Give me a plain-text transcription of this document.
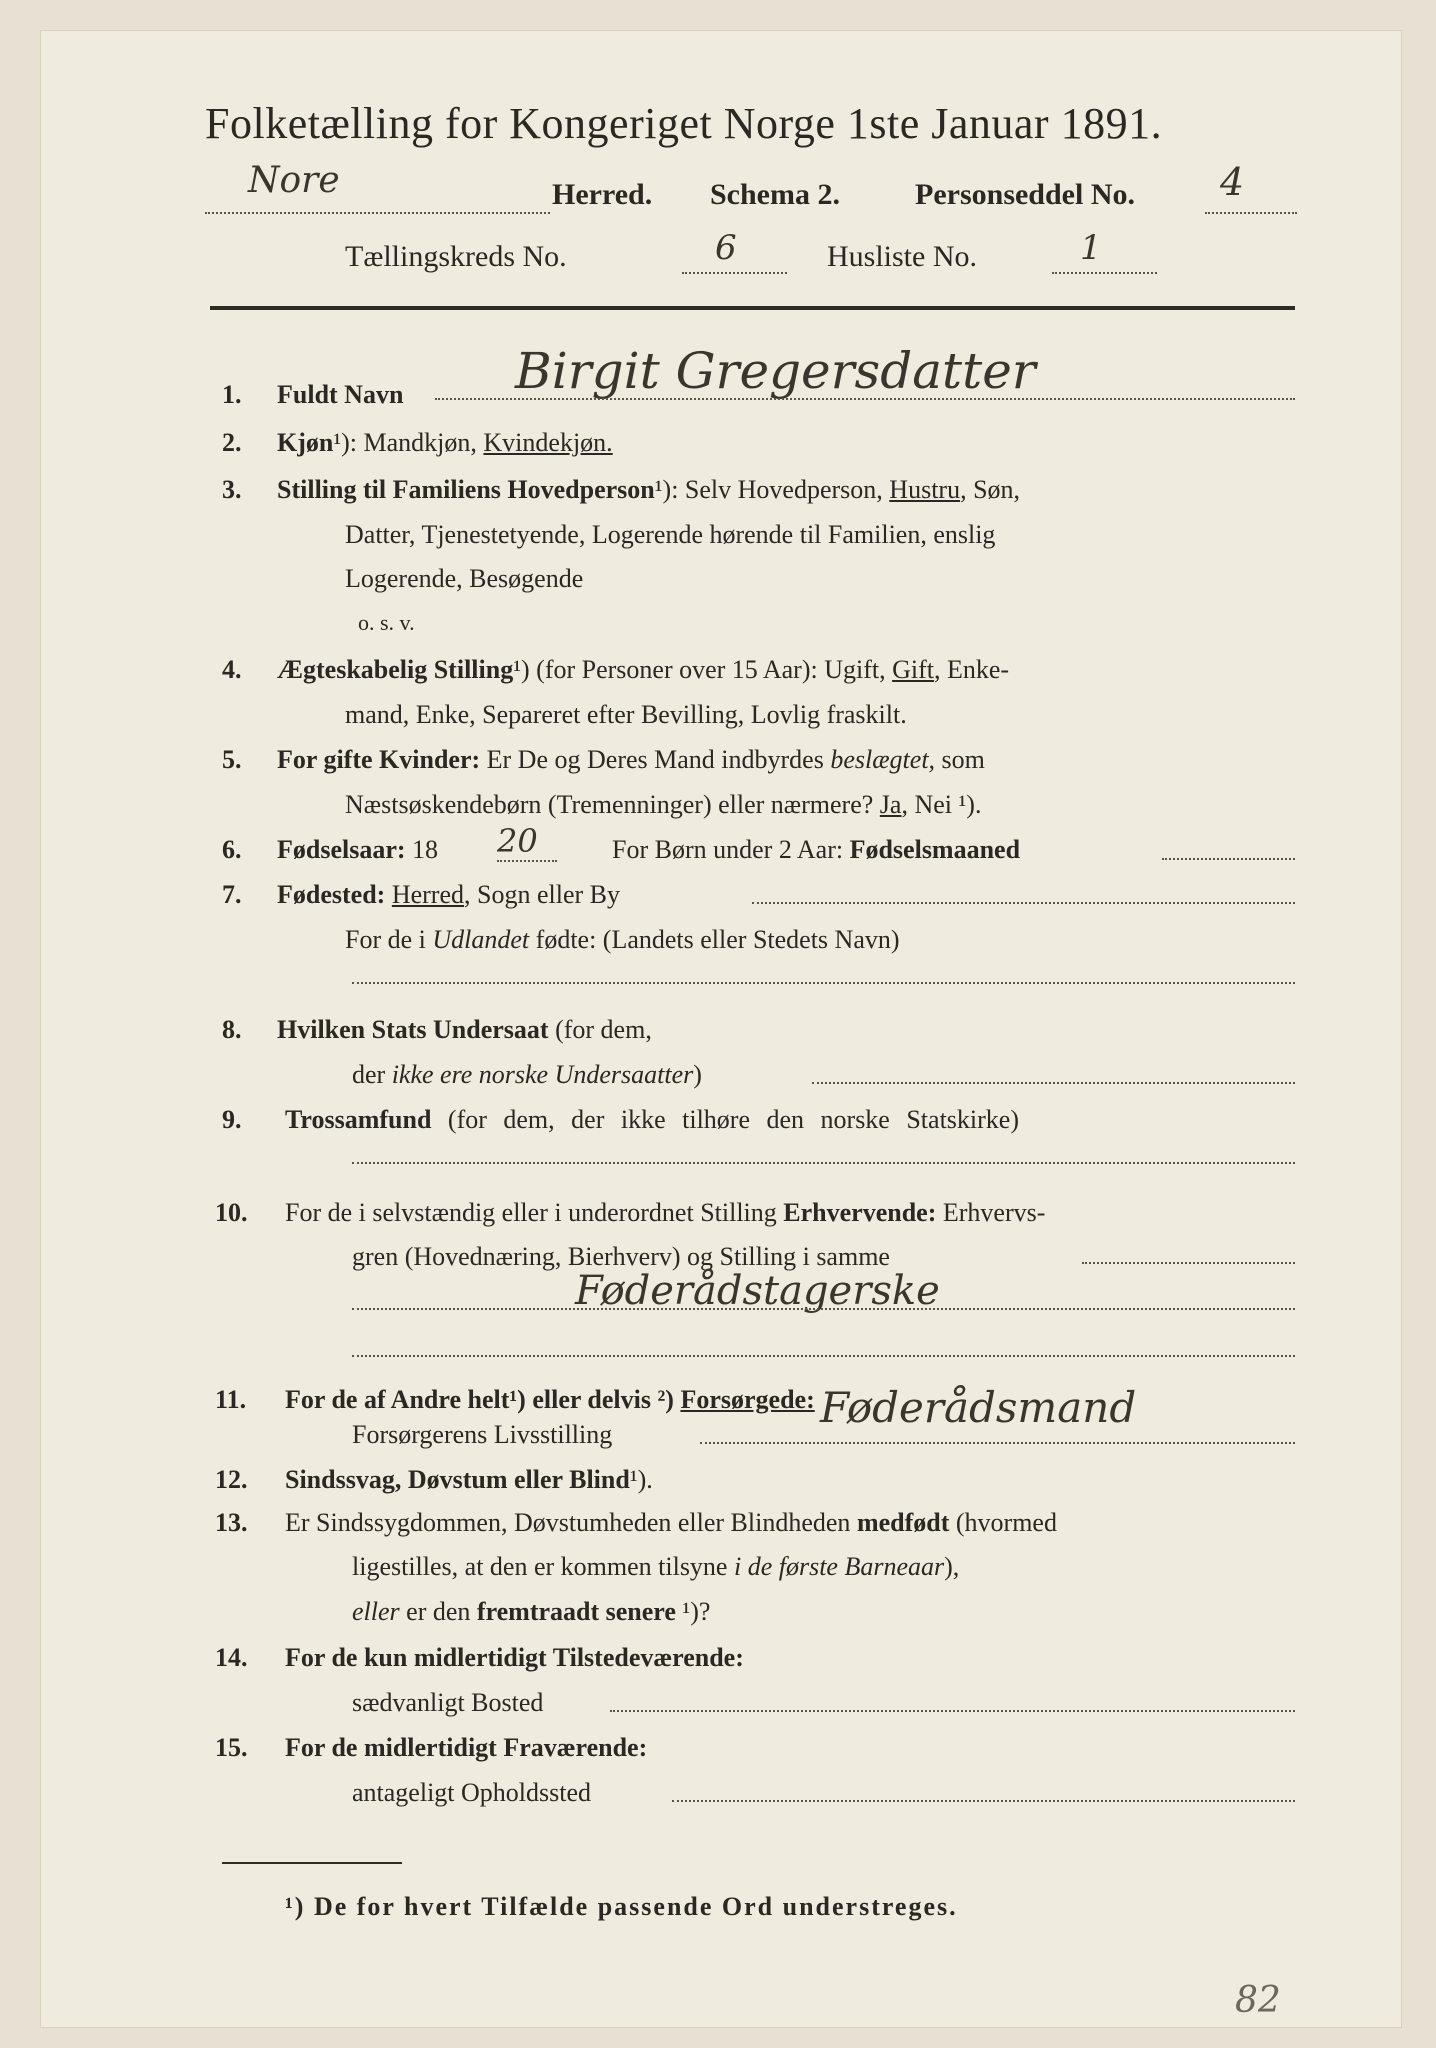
Folketælling for Kongeriget Norge 1ste Januar 1891.
Nore	Herred. Schema 2.	Personseddel No. 4
Tællingskreds No.	6	Husliste No.	1
1. Fuldt Navn Birgit Gregersdatter
2. Kjøn¹): Mandkjøn, Kvindekjøn.
3. Stilling til Familiens Hovedperson¹): Selv Hovedperson, Hustru, Søn,
Datter, Tjenestetyende, Logerende hørende til Familien, enslig
Logerende, Besøgende
o. s. v.
4. Ægteskabelig Stilling¹) (for Personer over 15 Aar): Ugift, Gift, Enke-
mand, Enke, Separeret efter Bevilling, Lovlig fraskilt.
5. For gifte Kvinder: Er De og Deres Mand indbyrdes beslægtet, som
Næstsøskendebørn (Tremenninger) eller nærmere? Ja, Nei ¹).
6. Fødselsaar: 18 20	For Børn under 2 Aar: Fødselsmaaned
7. Fødested: Herred, Sogn eller By
For de i Udlandet fødte: (Landets eller Stedets Navn)
8. Hvilken Stats Undersaat (for dem,
der ikke ere norske Undersaatter)
9. Trossamfund (for dem, der ikke tilhøre den norske Statskirke)
10. For de i selvstændig eller i underordnet Stilling Erhvervende: Erhvervs-
gren (Hovednæring, Bierhverv) og Stilling i samme
Føderådstagerske
11. For de af Andre helt¹) eller delvis ²) Forsørgede:
Forsørgerens Livsstilling
Føderådsmand
12. Sindssvag, Døvstum eller Blind¹).
13. Er Sindssygdommen, Døvstumheden eller Blindheden medfødt (hvormed
ligestilles, at den er kommen tilsyne i de første Barneaar),
eller er den fremtraadt senere ¹)?
14. For de kun midlertidigt Tilstedeværende:
sædvanligt Bosted
15. For de midlertidigt Fraværende:
antageligt Opholdssted
¹) De for hvert Tilfælde passende Ord understreges.
82
